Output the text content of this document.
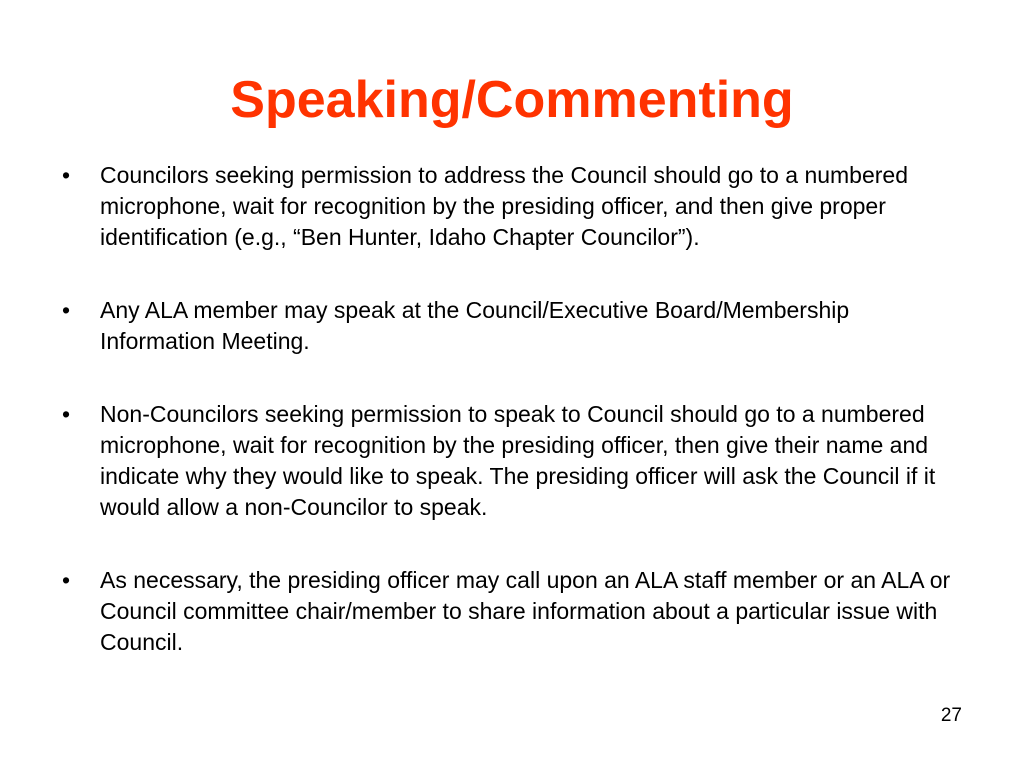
Speaking/Commenting
• Councilors seeking permission to address the Council should go to a numbered microphone, wait for recognition by the presiding officer, and then give proper identification (e.g., “Ben Hunter, Idaho Chapter Councilor”).
• Any ALA member may speak at the Council/Executive Board/Membership Information Meeting.
• Non-Councilors seeking permission to speak to Council should go to a numbered microphone, wait for recognition by the presiding officer, then give their name and indicate why they would like to speak. The presiding officer will ask the Council if it would allow a non-Councilor to speak.
• As necessary, the presiding officer may call upon an ALA staff member or an ALA or Council committee chair/member to share information about a particular issue with Council.
27
